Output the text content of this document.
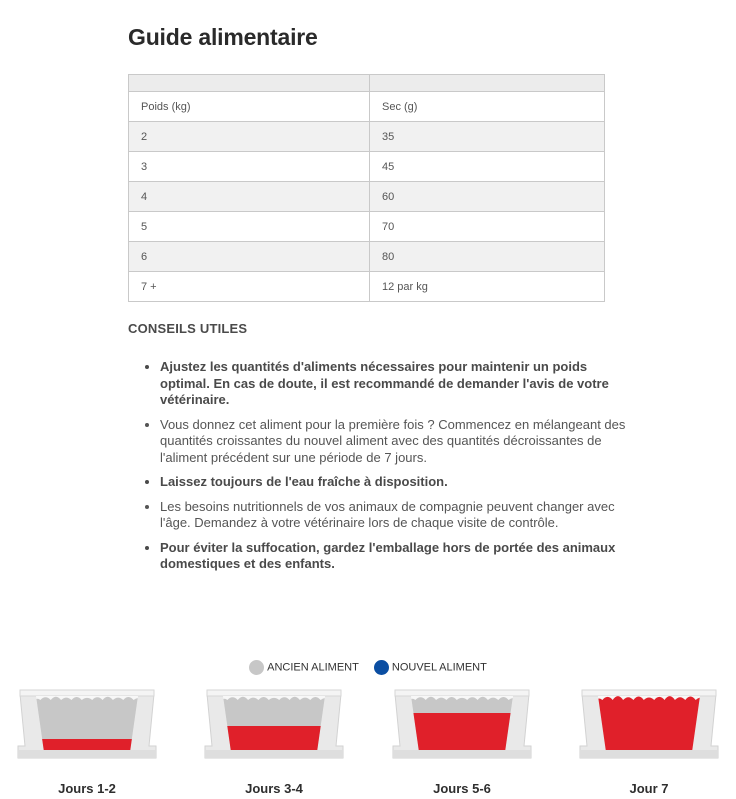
Guide alimentaire

Poids (kg)	Sec (g)
2	35
3	45
4	60
5	70
6	80
7 +	12 par kg
CONSEILS UTILES
• Ajustez les quantités d'aliments nécessaires pour maintenir un poids optimal. En cas de doute, il est recommandé de demander l'avis de votre vétérinaire.
• Vous donnez cet aliment pour la première fois ? Commencez en mélangeant des quantités croissantes du nouvel aliment avec des quantités décroissantes de l'aliment précédent sur une période de 7 jours.
• Laissez toujours de l'eau fraîche à disposition.
• Les besoins nutritionnels de vos animaux de compagnie peuvent changer avec l'âge. Demandez à votre vétérinaire lors de chaque visite de contrôle.
• Pour éviter la suffocation, gardez l'emballage hors de portée des animaux domestiques et des enfants.
ANCIEN ALIMENT	NOUVEL ALIMENT
Jours 1-2	Jours 3-4	Jours 5-6	Jour 7
